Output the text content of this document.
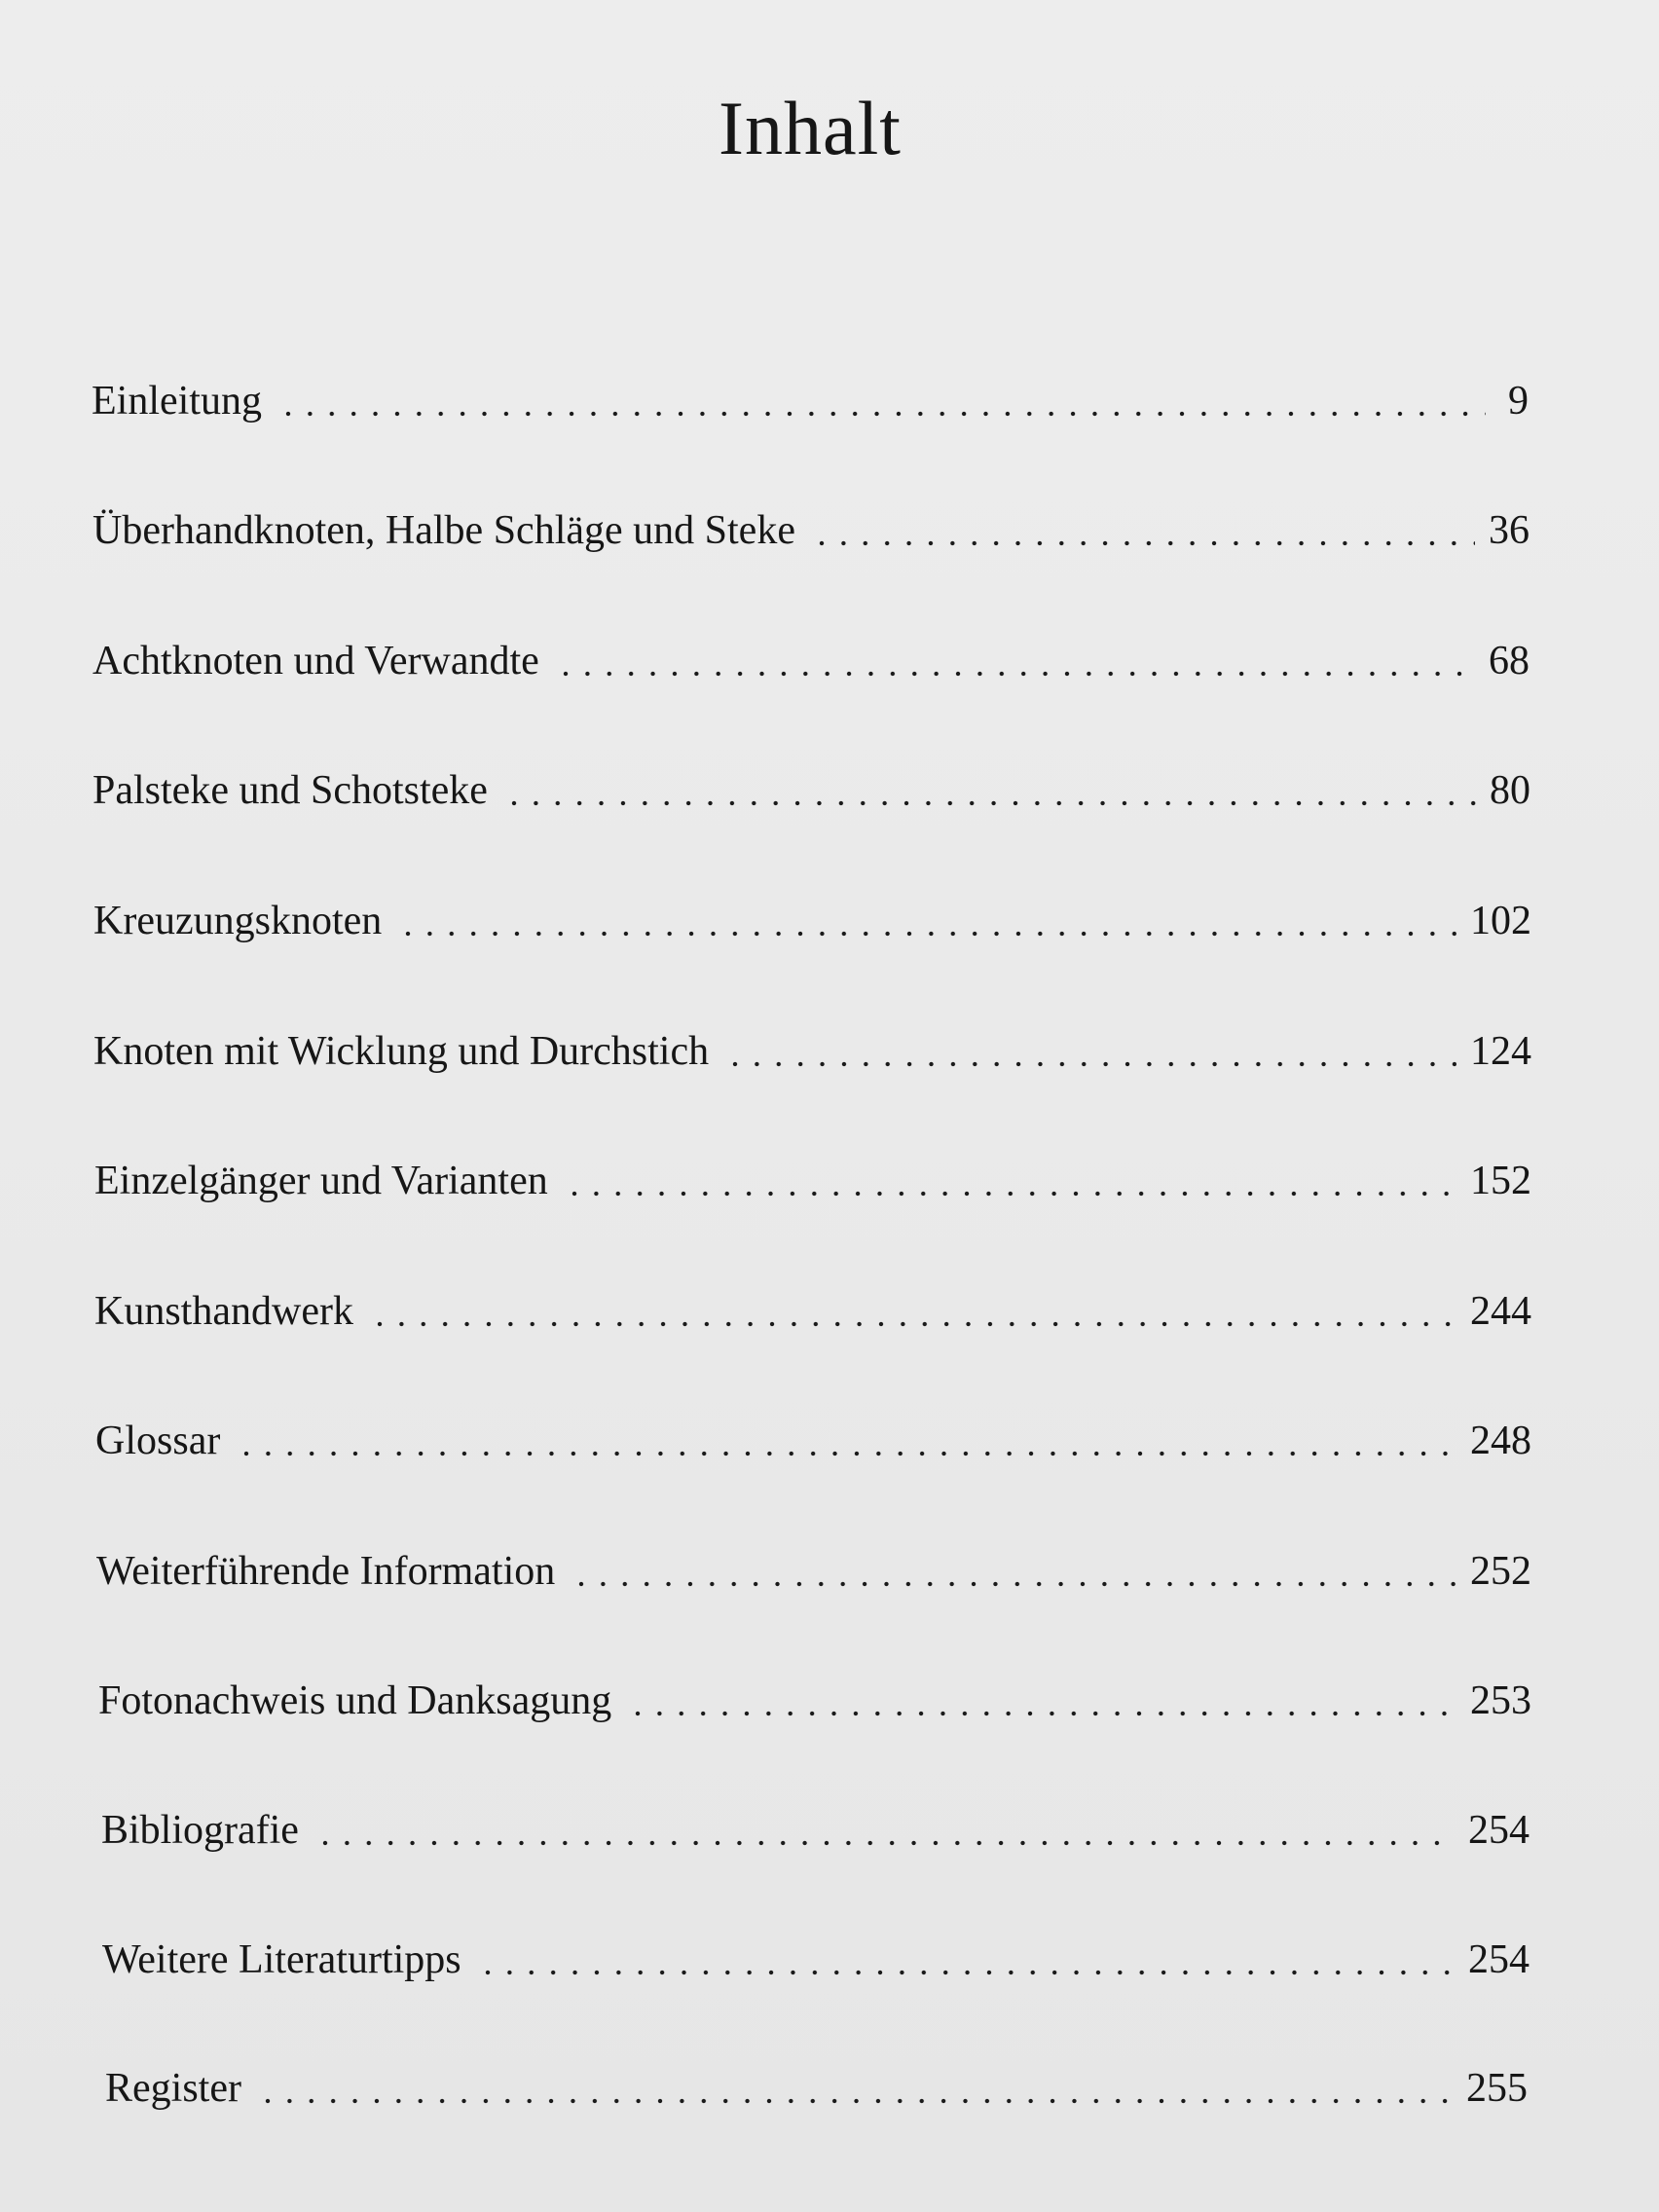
Inhalt
Einleitung	9
Überhandknoten, Halbe Schläge und Steke	36
Achtknoten und Verwandte	68
Palsteke und Schotsteke	80
Kreuzungsknoten	102
Knoten mit Wicklung und Durchstich	124
Einzelgänger und Varianten	152
Kunsthandwerk	244
Glossar	248
Weiterführende Information	252
Fotonachweis und Danksagung	253
Bibliografie	254
Weitere Literaturtipps	254
Register	255
